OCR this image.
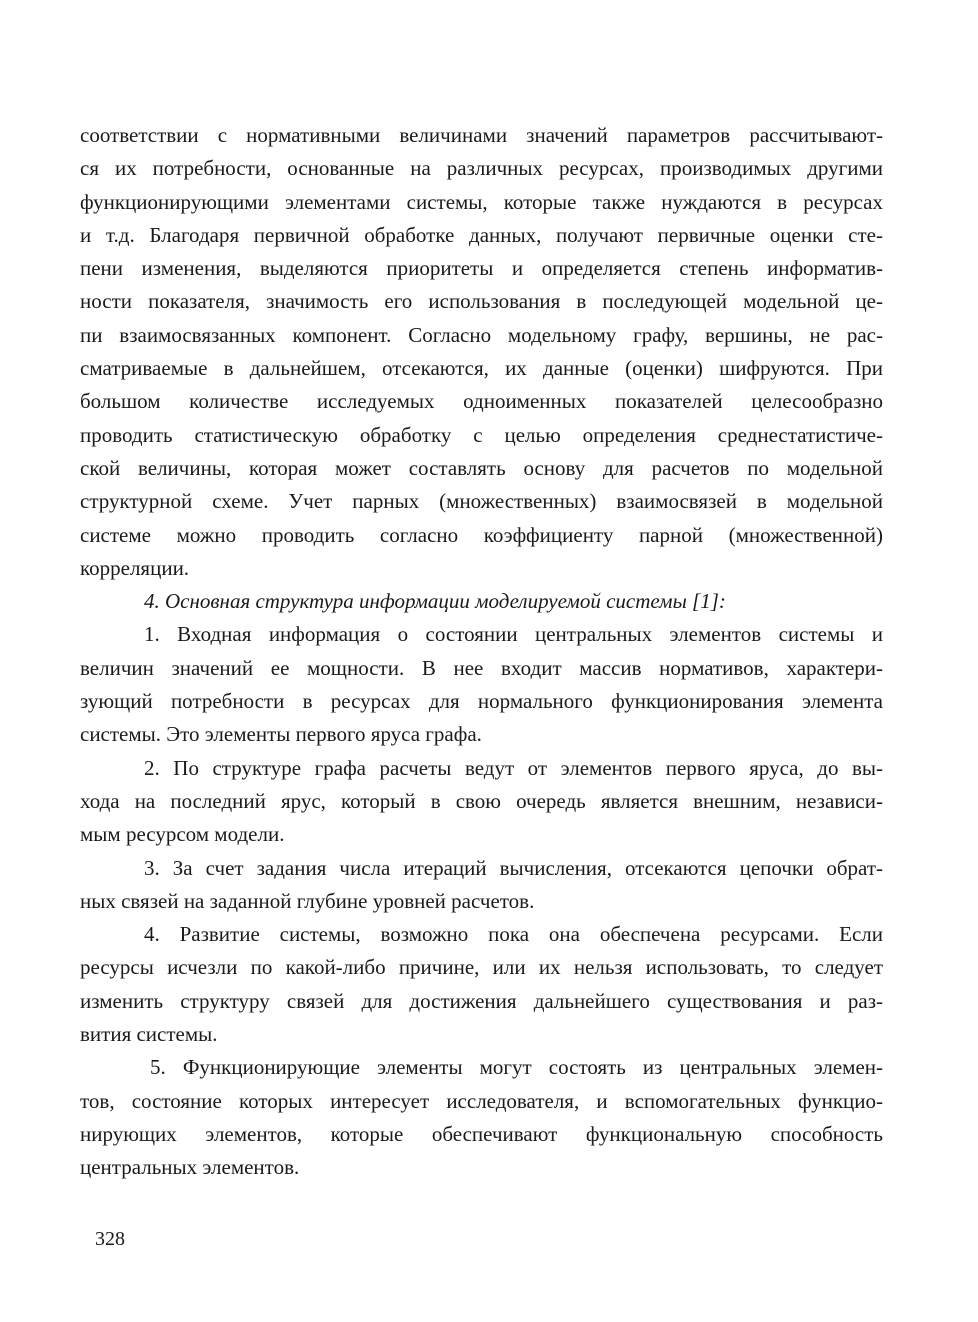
соответствии с нормативными величинами значений параметров рассчитывают-
ся их потребности, основанные на различных ресурсах, производимых другими
функционирующими элементами системы, которые также нуждаются в ресурсах
и т.д. Благодаря первичной обработке данных, получают первичные оценки сте-
пени изменения, выделяются приоритеты и определяется степень информатив-
ности показателя, значимость его использования в последующей модельной це-
пи взаимосвязанных компонент. Согласно модельному графу, вершины, не рас-
сматриваемые в дальнейшем, отсекаются, их данные (оценки) шифруются. При
большом количестве исследуемых одноименных показателей целесообразно
проводить статистическую обработку с целью определения среднестатистиче-
ской величины, которая может составлять основу для расчетов по модельной
структурной схеме. Учет парных (множественных) взаимосвязей в модельной
системе можно проводить согласно коэффициенту парной (множественной)
корреляции.
4. Основная структура информации моделируемой системы [1]:
1. Входная информация о состоянии центральных элементов системы и
величин значений ее мощности. В нее входит массив нормативов, характери-
зующий потребности в ресурсах для нормального функционирования элемента
системы. Это элементы первого яруса графа.
2. По структуре графа расчеты ведут от элементов первого яруса, до вы-
хода на последний ярус, который в свою очередь является внешним, независи-
мым ресурсом модели.
3. За счет задания числа итераций вычисления, отсекаются цепочки обрат-
ных связей на заданной глубине уровней расчетов.
4. Развитие системы, возможно пока она обеспечена ресурсами. Если
ресурсы исчезли по какой-либо причине, или их нельзя использовать, то следует
изменить структуру связей для достижения дальнейшего существования и раз-
вития системы.
5. Функционирующие элементы могут состоять из центральных элемен-
тов, состояние которых интересует исследователя, и вспомогательных функцио-
нирующих элементов, которые обеспечивают функциональную способность
центральных элементов.
328
